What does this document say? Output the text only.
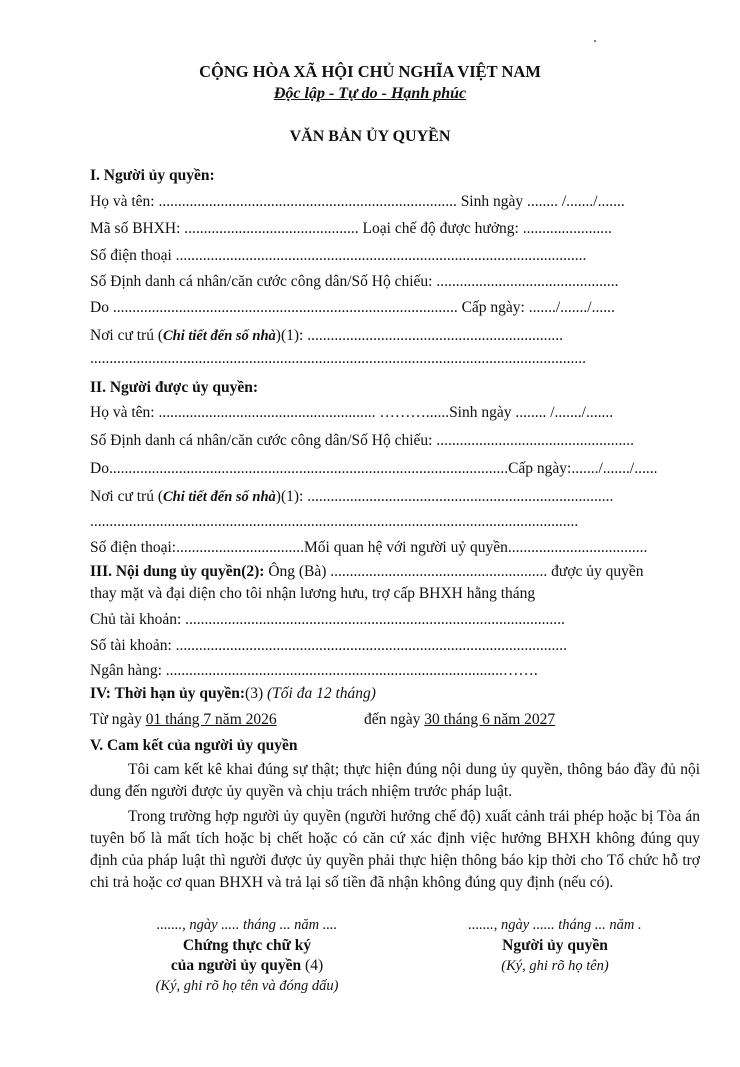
CỘNG HÒA XÃ HỘI CHỦ NGHĨA VIỆT NAM
Độc lập - Tự do - Hạnh phúc
VĂN BẢN ỦY QUYỀN
I. Người ủy quyền:
Họ và tên: ............................................................................. Sinh ngày ........ /......./.......
Mã số BHXH: ............................................. Loại chế độ được hưởng: .......................
Số điện thoại ..........................................................................................................
Số Định danh cá nhân/căn cước công dân/Số Hộ chiếu: ...............................................
Do ......................................................................................... Cấp ngày: ......./......./......
Nơi cư trú (Chi tiết đến số nhà)(1): ..................................................................
................................................................................................................................
II. Người được ủy quyền:
Họ và tên: ........................................................ ………......Sinh ngày ........ /......./.......
Số Định danh cá nhân/căn cước công dân/Số Hộ chiếu: ...................................................
Do.......................................................................................................Cấp ngày:......./......./......
Nơi cư trú (Chi tiết đến số nhà)(1): ...............................................................................
..............................................................................................................................
Số điện thoại:.................................Mối quan hệ với người uỷ quyền....................................
III. Nội dung ủy quyền(2): Ông (Bà) ........................................................ được ủy quyền
thay mặt và đại diện cho tôi nhận lương hưu, trợ cấp BHXH hằng tháng
Chủ tài khoản: ..................................................................................................
Số tài khoản: .....................................................................................................
Ngân hàng: .......................................................................................…….
IV: Thời hạn ủy quyền:(3) (Tối đa 12 tháng)
Từ ngày 01 tháng 7 năm 2026	đến ngày 30 tháng 6 năm 2027
V. Cam kết của người ủy quyền
Tôi cam kết kê khai đúng sự thật; thực hiện đúng nội dung ủy quyền, thông báo đầy đủ nội dung đến người được ủy quyền và chịu trách nhiệm trước pháp luật.
Trong trường hợp người ủy quyền (người hưởng chế độ) xuất cảnh trái phép hoặc bị Tòa án tuyên bố là mất tích hoặc bị chết hoặc có căn cứ xác định việc hưởng BHXH không đúng quy định của pháp luật thì người được ủy quyền phải thực hiện thông báo kịp thời cho Tổ chức hỗ trợ chi trả hoặc cơ quan BHXH và trả lại số tiền đã nhận không đúng quy định (nếu có).
......., ngày ..... tháng ... năm ....
Chứng thực chữ ký
của người ủy quyền (4)
(Ký, ghi rõ họ tên và đóng dấu)
......., ngày ...... tháng ... năm .
Người ủy quyền
(Ký, ghi rõ họ tên)
